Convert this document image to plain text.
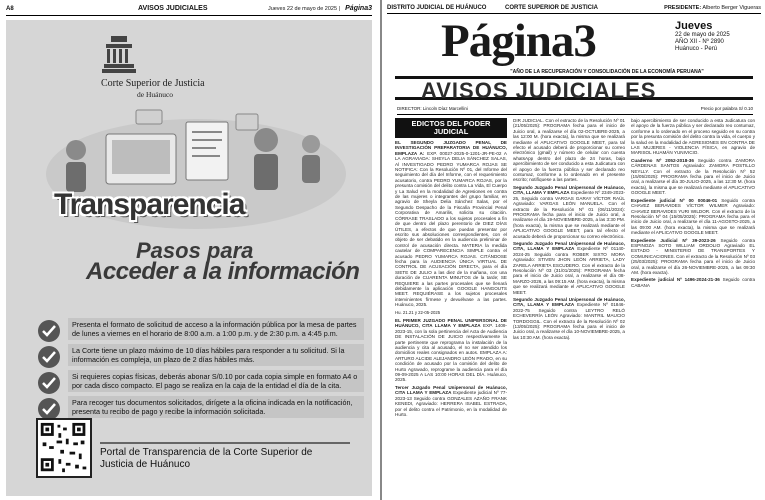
A8	AVISOS JUDICIALES	Jueves 22 de mayo de 2025 | Página3
Corte Superior de Justicia
de Huánuco
Transparencia
Pasos para
Acceder a la información
Presenta el formato de solicitud de acceso a la información pública por la mesa de partes de lunes a viernes en el horario de 8:00 a.m. a 1:00 p.m. y de 2:30 p.m. a 4:45 p.m.
La Corte tiene un plazo máximo de 10 días hábiles para responder a tu solicitud. Si la información es compleja, un plazo de 2 días hábiles más.
Si requieres copias físicas, deberás abonar S/0.10 por cada copia simple en formato A4 o por cada disco compacto. El pago se realiza en la caja de la entidad el día de la cita.
Para recoger tus documentos solicitados, dirígete a la oficina indicada en la notificación, presenta tu recibo de pago y recibe la información solicitada.
Portal de Transparencia de la Corte Superior de Justicia de Huánuco
DISTRITO JUDICIAL DE HUÁNUCO	CORTE SUPERIOR DE JUSTICIA	PRESIDENTE: Alberto Berger Vigueras
Página3	Jueves
22 de mayo de 2025
AÑO XII - Nº 2890
Huánuco - Perú
"AÑO DE LA RECUPERACIÓN Y CONSOLIDACIÓN DE LA ECONOMÍA PERUANA"
AVISOS JUDICIALES
DIRECTOR: Lincoln Díaz Marcellini	Precio por palabra S/ 0.10
EDICTOS DEL PODER JUDICIAL

EL SEGUNDO JUZGADO PENAL DE INVESTIGACIÓN PREPARATORIA DE HUÁNUCO, EMPLAZA A: EXP. 00027-2025-0-1201-JR-PE-02 A LA AGRAVIADA: SHEYLA DELIA SÁNCHEZ SALAS, Al INVESTIGADO PEDRO YUMARCA ROJAS SE NOTIFICA: Con la Resolución Nº 01, del Informe del seguimiento del día del Informe, con el requerimiento acusatorio, contra PEDRO YUMARCA ROJAS, por la presunta comisión del delito contra La Vida, El Cuerpo y La Salud en la modalidad de Agresiones en contra de las mujeres o integrantes del grupo familiar, en agravio de Sheyla Delia Sánchez Salas, por el Segundo Despacho de la Fiscalía Provincial Penal Corporativa de Amarilis, solicita su citación. CÓRRASE TRASLADO a los sujetos procesales a fin de que dentro del plazo perentorio de DIEZ DÍAS ÚTILES, a efectos de que puedan presentar por escrito sus absoluciones correspondientes, con el objeto de ser debatido en la audiencia preliminar de control de acusación directa. MATERIA la medida cautelar de COMPARECENCIA SIMPLE contra el acusado PEDRO YUMARCA ROJAS. CITÁNDOSE fecha para la AUDIENCIA ÚNICA VIRTUAL DE CONTROL DE ACUSACIÓN DIRECTA, para el día SIETE DE JULIO a las diez de la mañana, con una duración de CUARENTA MINUTOS de la tarde; SE REQUIERE a las partes procesales que se llenará debidamente la aplicación GOOGLE HANGOUTS MEET. REQUIÉRASE a los sujetos procesales intervinientes fírmese y devuélvase a las partes. Huánuco, 2025.

Hu. 21.21 y 22-05-2025

EL PRIMER JUZGADO PENAL UNIPERSONAL DE HUÁNUCO, CITA LLAMA Y EMPLAZA EXP. 1409-2023-15, con la sola pertinencia del Acta de Audiencia DE INSTALACIÓN DE JUICIO respectivamente la parte pertinente que reprograma la instalación de la audiencia y cita al acusado, el no ser atendido los domicilios reales consignados en autos. EMPLAZA A: ARTURO ALCIDE ALEJANDRO LEÓN PRADO, en su condición de acusado por la comisión del delito de Hurto Agravado, reprograme la audiencia para el día 09-09-2025 A LAS 10:00 HORAS DEL DÍA. Huánuco, 2025.

Tercer Juzgado Penal Unipersonal de Huánuco, CITA LLAMA Y EMPLAZA Expediente judicial Nº 77-2023-13 Seguido contra GONZALES AZAÑO FRANK KENEDI, Agraviado: HERRERA ISABEL ESTRADA, por el delito contra el Patrimonio, en la modalidad de Hurto.

DIR JUDICIAL. Con el extracto de la Resolución Nº 01 (21/05/2025): PROGRAMA fecha para el inicio de Juicio oral, a realizarse el día 02-OCTUBRE-2025, a las 12:00 M. (hora exacta), la misma que se realizará mediante el APLICATIVO GOOGLE MEET, para tal efecto el acusado deberá de proporcionar su correo electrónico (gmail) y número de celular con cuenta whatsApp dentro del plazo de 24 horas, bajo apercibimiento de ser conducido a esta Judicatura con el apoyo de la fuerza pública y ser declarado reo contumaz, conforme a lo ordenado en el presente escrito; notifíquese a las partes.

Segundo Juzgado Penal Unipersonal de Huánuco, CITA, LLAMA Y EMPLAZA Expediente Nº 2349-2023-25, Seguido contra VARGAS GARAY VÍCTOR RAÚL Agraviado: VARGAS LEÓN MANUELA. Con el extracto de la Resolución Nº 01 (06/11/2024): PROGRAMA fecha para el inicio de Juicio oral, a realizarse el día 19-NOVIEMBRE-2025, a las 3:30 PM. (hora exacta), la misma que se realizará mediante el APLICATIVO GOOGLE MEET, para tal efecto el acusado deberá de proporcionar su correo electrónico.

Segundo Juzgado Penal Unipersonal de Huánuco, CITA, LLAMA Y EMPLAZA Expediente Nº 01140-2024-25 Seguido contra ROBER SIXTO MORA Agraviado: STIVEN JHON LEÓN ARRIETA, LADY ZARELA ARRIETA ESCUDERO. Con el extracto de la Resolución Nº 03 (31/01/2025): PROGRAMA fecha para el inicio de Juicio oral, a realizarse el día 08-MARZO-2026, a las 09:15 AM. (hora exacta), la misma que se realizará mediante el APLICATIVO GOOGLE MEET.

Segundo Juzgado Penal Unipersonal de Huánuco, CITA, LLAMA Y EMPLAZA Expediente Nº 01846-2022-75 Seguido contra LEYTRO RELÓ ECHEVERRÍA LEÓN Agraviado: MANTRIL MAUCIO TORDOGGIL. Con el extracto de la Resolución Nº 02 (13/05/2025): PROGRAMA fecha para el inicio de Juicio oral, a realizarse el día 10-NOVIEMBRE-2025, a las 10:30 AM. (hora exacta).

bajo apercibimiento de ser conducido a esta Judicatura con el apoyo de la fuerza pública y ser declarado reo contumaz, conforme a lo ordenado en el proceso seguido en su contra por la presunta comisión del delito contra la vida, el cuerpo y la salud en la modalidad de AGRESIONES EN CONTRA DE LAS MUJERES - VIOLENCIA FÍSICA, en agravio de MARISOL HUAMÁN YUNIVICIO.

Cuaderno Nº 2052-2018-36 Seguido contra ZAMORA CÁRDENAS SANTOS Agraviado: ZAMORA POSTILLO NEYLLY. Con el extracto de la Resolución Nº 52 (15/05/2025): PROGRAMA fecha para el inicio de Juicio oral, a realizarse el día 30-JULIO-2025, a las 12:30 M. (hora exacta), la misma que se realizará mediante el APLICATIVO GOOGLE MEET.

Expediente judicial Nº 00 00046-01 Seguido contra CHAVEZ BERAVIDES VÍCTOR WILMER Agraviado: CHAVEZ BERAVIDES YURI WILDOR. Con el extracto de la Resolución Nº 04 (15/05/2025): PROGRAMA fecha para el inicio de Juicio oral, a realizarse el día 11-AGOSTO-2025, a las 09:00 AM. (hora exacta), la misma que se realizará mediante el APLICATIVO GOOGLE MEET.

Expediente Judicial Nº 39-2023-26 Seguido contra ESPINOZA SOTO WILLIAM ORDOLIO Agraviado EL ESTADO - MINISTERIO DE TRANSPORTES Y COMUNICACIONES. Con el extracto de la Resolución Nº 03 (25/03/2025): PROGRAMA fecha para el inicio de Juicio oral, a realizarse el día 26-NOVIEMBRE-2025, a las 09:30 AM. (hora exacta).

Expediente judicial Nº 1496-2024-21-36 Seguido contra CABANA
